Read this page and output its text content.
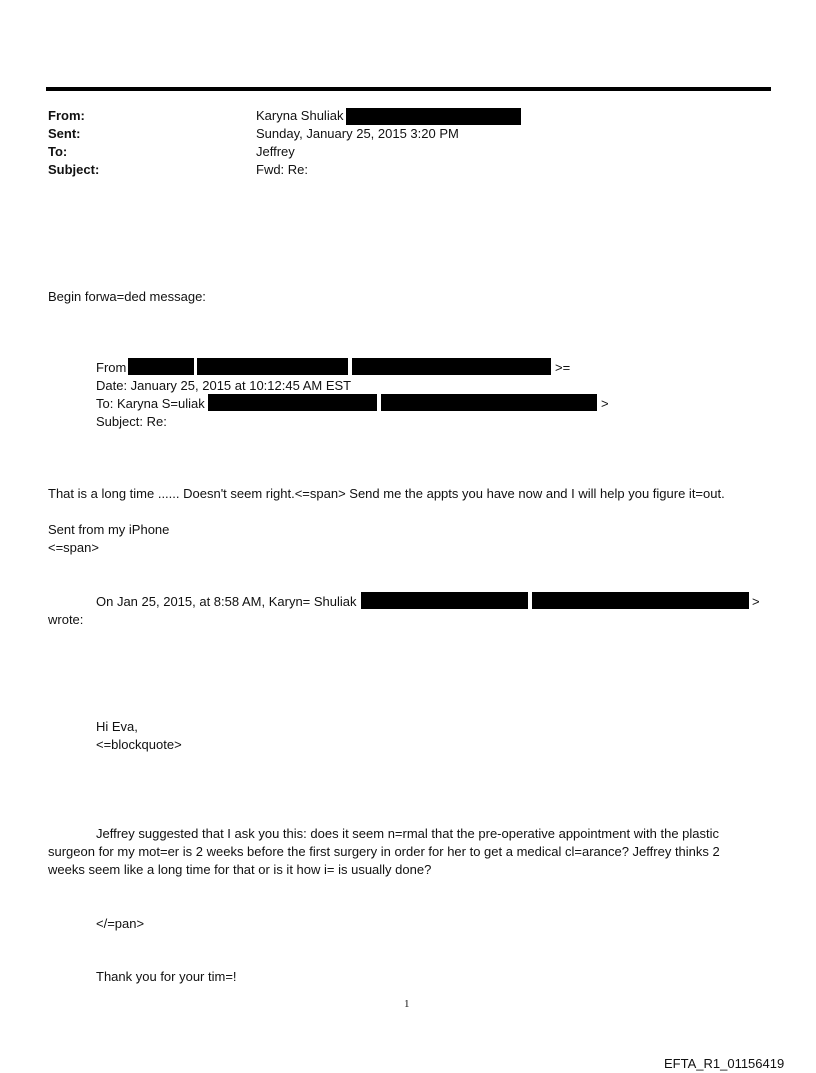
From:	Karyna Shuliak
Sent:	Sunday, January 25, 2015 3:20 PM
To:	Jeffrey
Subject:	Fwd: Re:
Begin forwa=ded message:
From	>=
Date: January 25, 2015 at 10:12:45 AM EST
To: Karyna S=uliak	>
Subject: Re:
That is a long time ...... Doesn't seem right.<=span> Send me the appts you have now and I will help you figure it=out.
Sent from my iPhone
<=span>
On Jan 25, 2015, at 8:58 AM, Karyn= Shuliak	>
wrote:
Hi Eva,
<=blockquote>
Jeffrey suggested that I ask you this: does it seem n=rmal that the pre-operative appointment with the plastic surgeon for my mot=er is 2 weeks before the first surgery in order for her to get a medical cl=arance? Jeffrey thinks 2 weeks seem like a long time for that or is it how i= is usually done?
</=pan>
Thank you for your tim=!
1
EFTA_R1_01156419
